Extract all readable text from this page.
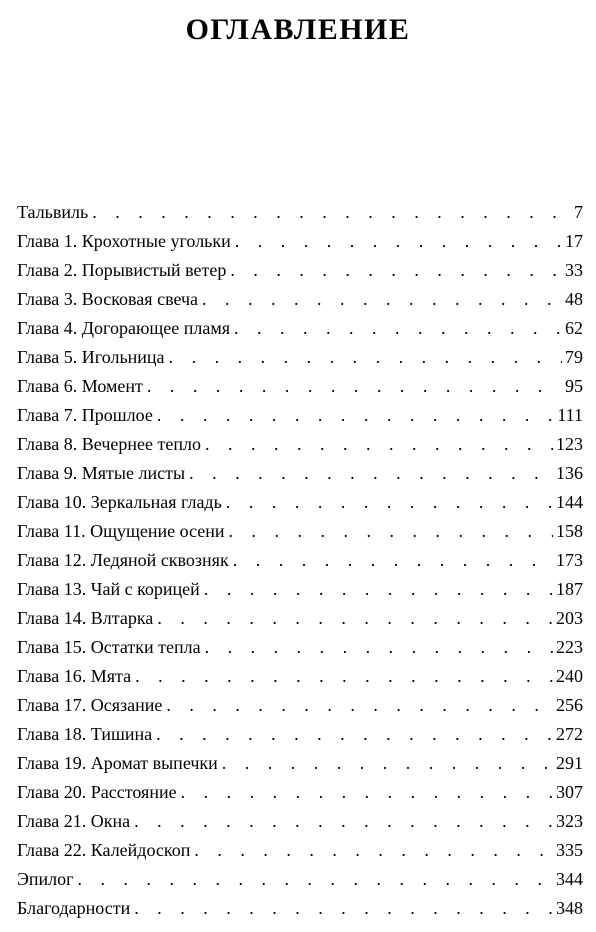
ОГЛАВЛЕНИЕ
Тальвиль . . .	7
Глава 1. Крохотные угольки . . .	17
Глава 2. Порывистый ветер . . .	33
Глава 3. Восковая свеча . . .	48
Глава 4. Догорающее пламя . . .	62
Глава 5. Игольница . . .	79
Глава 6. Момент . . .	95
Глава 7. Прошлое . . .	111
Глава 8. Вечернее тепло . . .	123
Глава 9. Мятые листы . . .	136
Глава 10. Зеркальная гладь . . .	144
Глава 11. Ощущение осени . . .	158
Глава 12. Ледяной сквозняк . . .	173
Глава 13. Чай с корицей . . .	187
Глава 14. Влтарка . . .	203
Глава 15. Остатки тепла . . .	223
Глава 16. Мята . . .	240
Глава 17. Осязание . . .	256
Глава 18. Тишина . . .	272
Глава 19. Аромат выпечки . . .	291
Глава 20. Расстояние . . .	307
Глава 21. Окна . . .	323
Глава 22. Калейдоскоп . . .	335
Эпилог . . .	344
Благодарности . . .	348
